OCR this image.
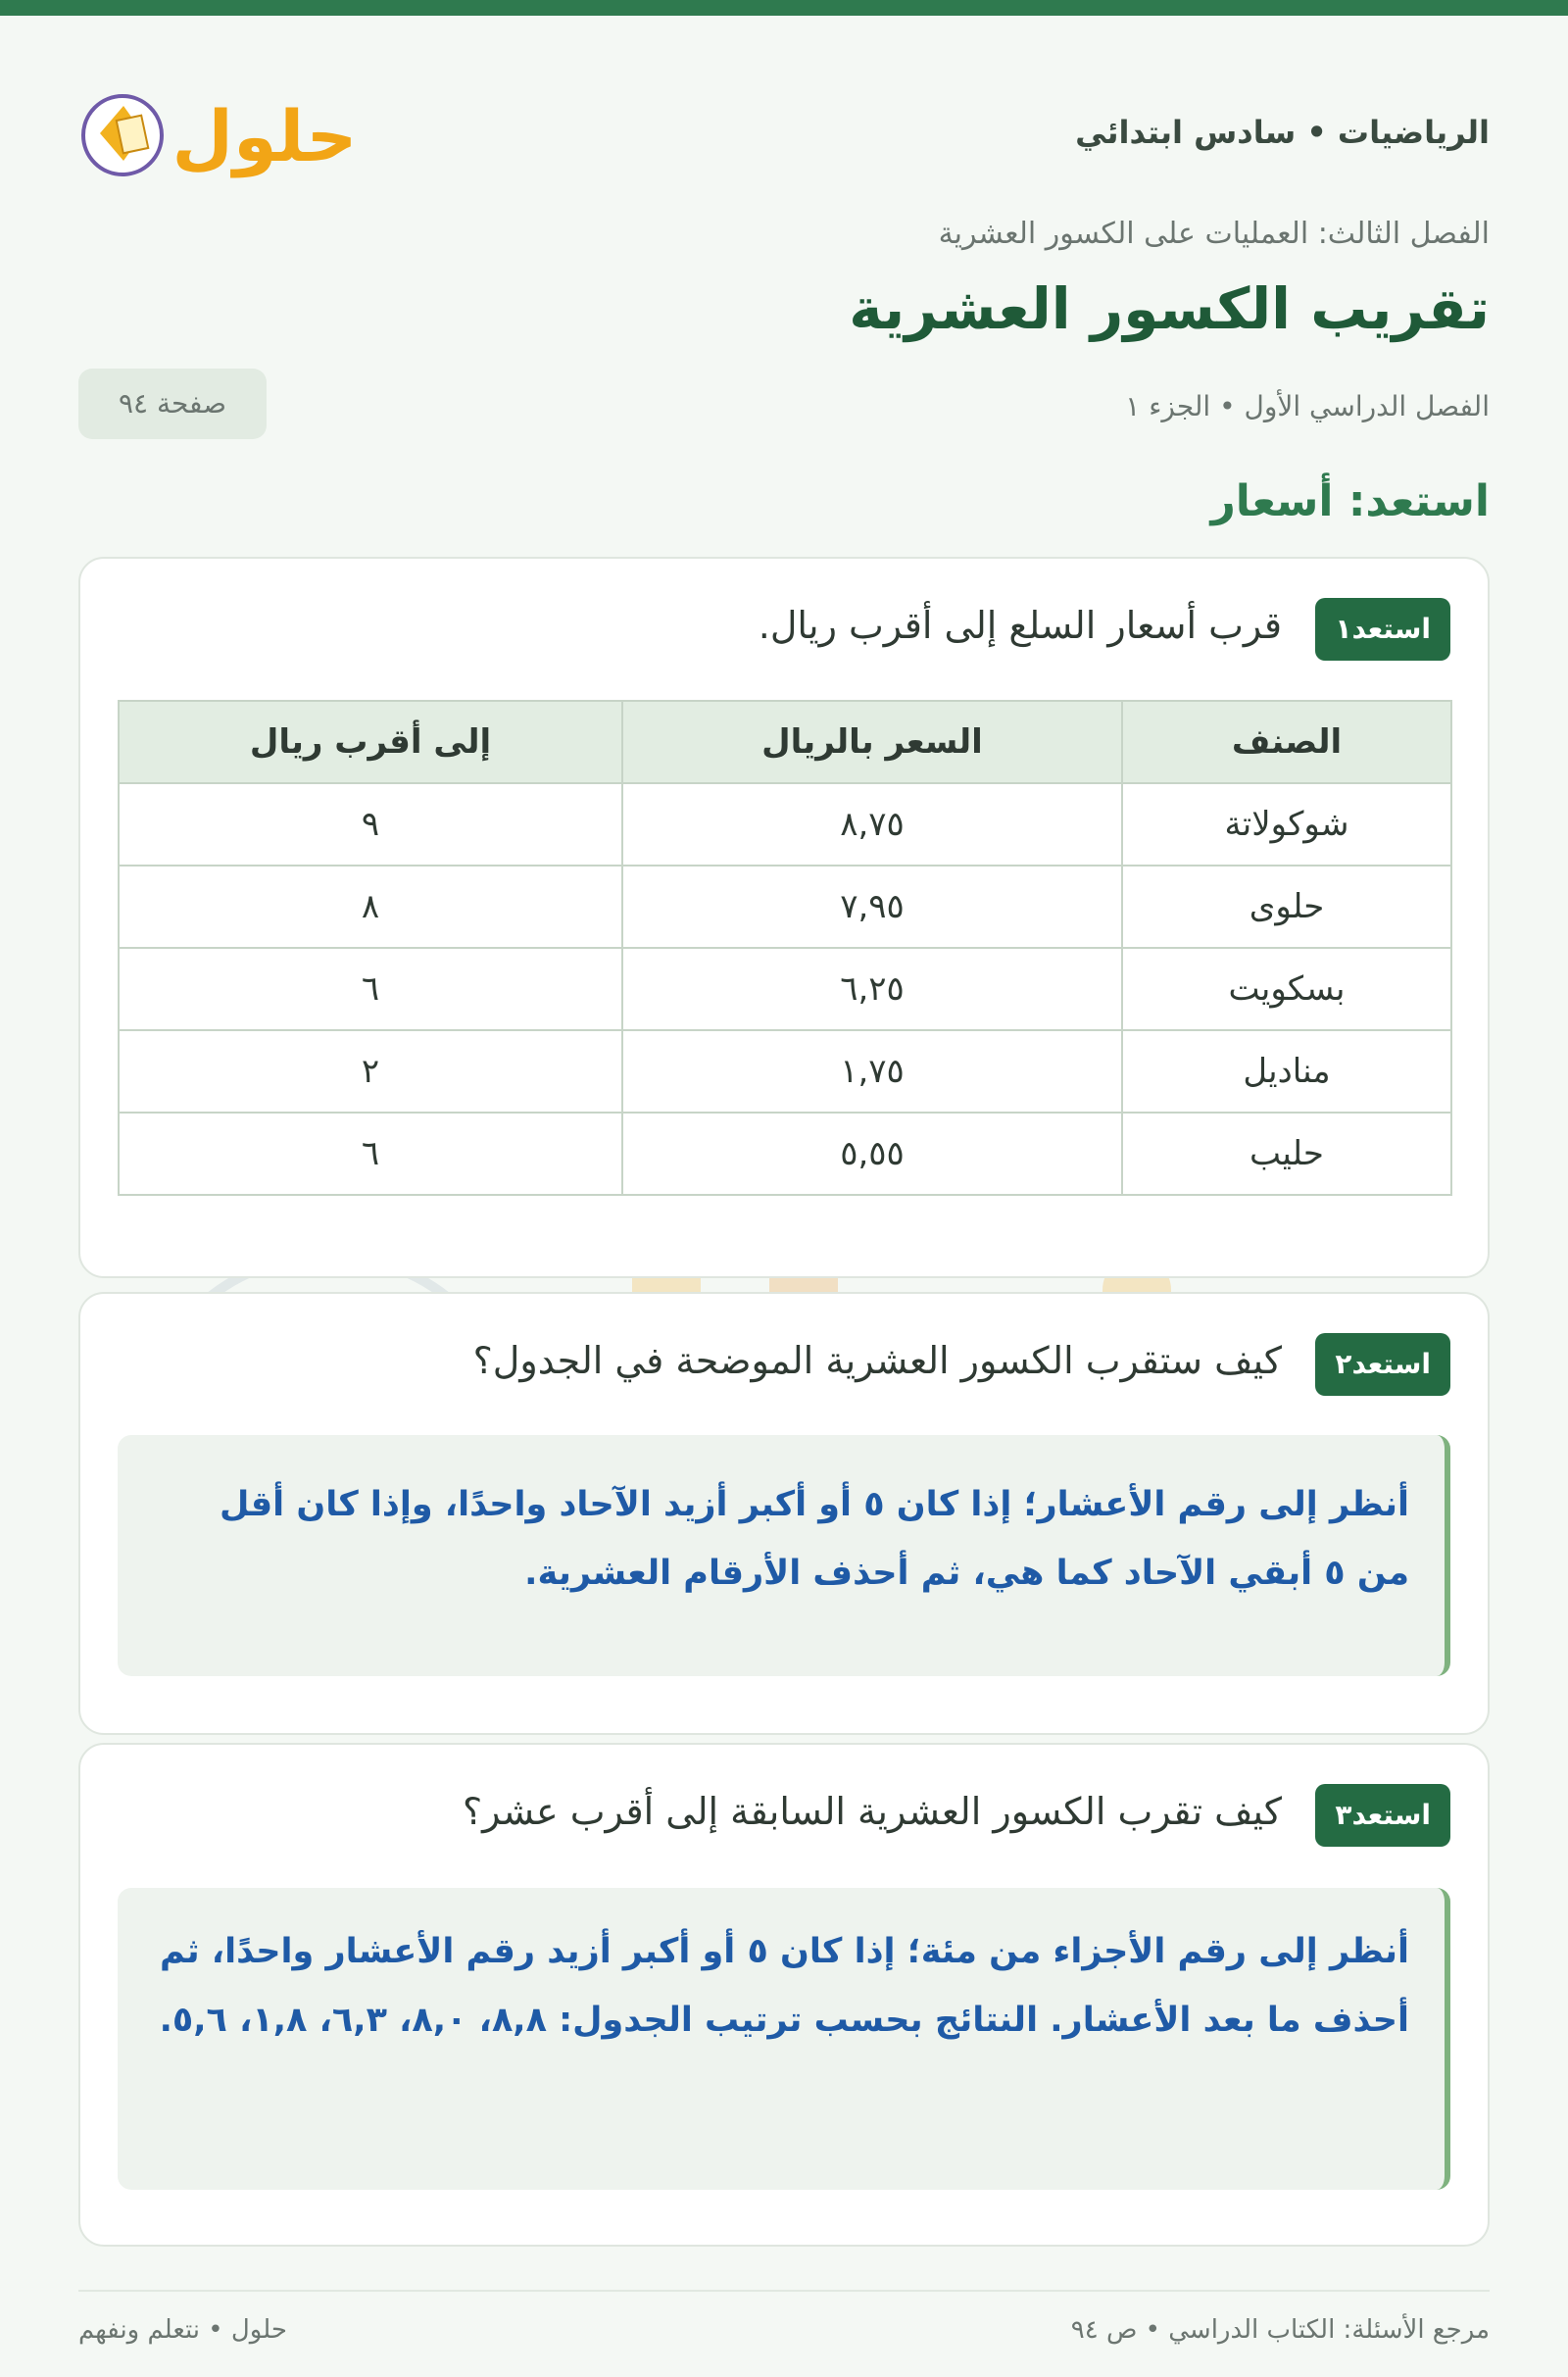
الرياضيات • سادس ابتدائي
حلول
الفصل الثالث: العمليات على الكسور العشرية
تقريب الكسور العشرية
الفصل الدراسي الأول • الجزء ١
صفحة ٩٤
استعد: أسعار
استعد١
قرب أسعار السلع إلى أقرب ريال.
الصنف	السعر بالريال	إلى أقرب ريال
شوكولاتة	٨,٧٥	٩
حلوى	٧,٩٥	٨
بسكويت	٦,٢٥	٦
مناديل	١,٧٥	٢
حليب	٥,٥٥	٦
استعد٢
كيف ستقرب الكسور العشرية الموضحة في الجدول؟
أنظر إلى رقم الأعشار؛ إذا كان ٥ أو أكبر أزيد الآحاد واحدًا، وإذا كان أقل من ٥ أبقي الآحاد كما هي، ثم أحذف الأرقام العشرية.
استعد٣
كيف تقرب الكسور العشرية السابقة إلى أقرب عشر؟
أنظر إلى رقم الأجزاء من مئة؛ إذا كان ٥ أو أكبر أزيد رقم الأعشار واحدًا، ثم أحذف ما بعد الأعشار. النتائج بحسب ترتيب الجدول: ٨,٨، ٨,٠، ٦,٣، ١,٨، ٥,٦.
مرجع الأسئلة: الكتاب الدراسي • ص ٩٤
حلول • نتعلم ونفهم
